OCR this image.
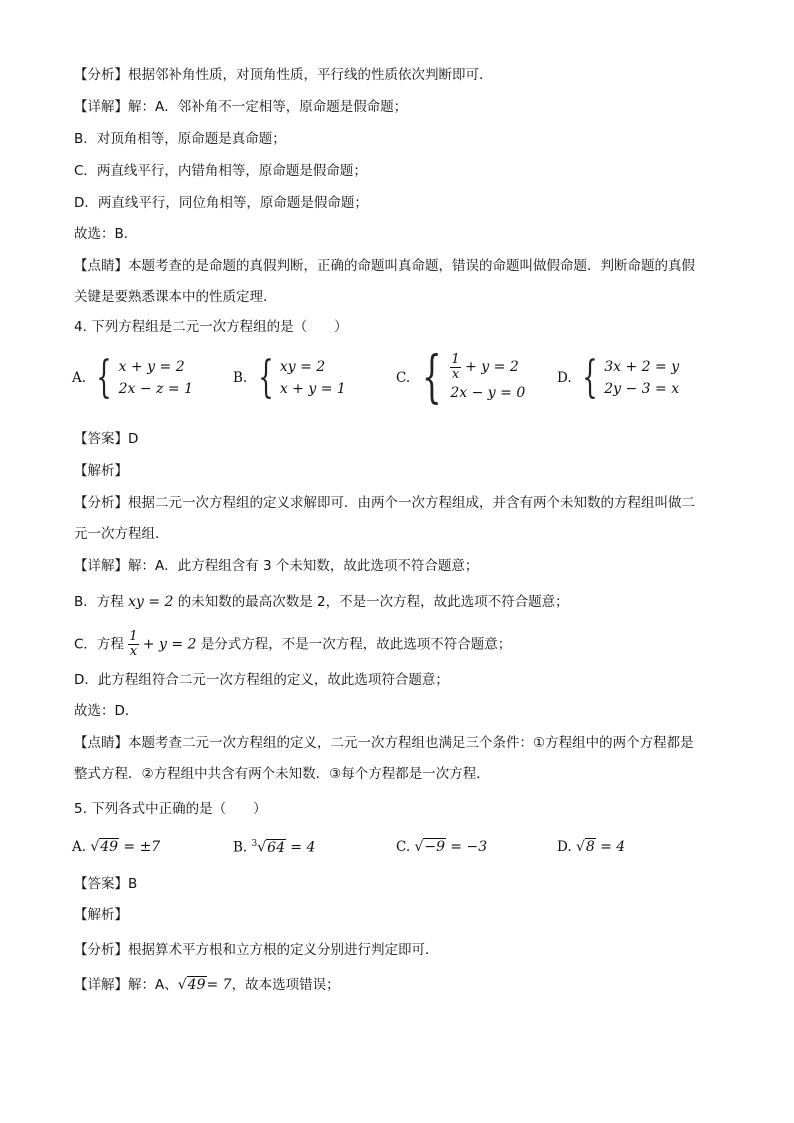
【分析】根据邻补角性质，对顶角性质，平行线的性质依次判断即可.
【详解】解：A．邻补角不一定相等，原命题是假命题；
B．对顶角相等，原命题是真命题；
C．两直线平行，内错角相等，原命题是假命题；
D．两直线平行，同位角相等，原命题是假命题；
故选：B．
【点睛】本题考查的是命题的真假判断，正确的命题叫真命题，错误的命题叫做假命题．判断命题的真假
关键是要熟悉课本中的性质定理．
4. 下列方程组是二元一次方程组的是（　　）
A. { x + y = 2
2x − z = 1
B. { xy = 2
x + y = 1
C. { $\frac{1}{x} + y = 2$
2x − y = 0
D. { 3x + 2 = y
2y − 3 = x
【答案】D
【解析】
【分析】根据二元一次方程组的定义求解即可．由两个一次方程组成，并含有两个未知数的方程组叫做二
元一次方程组．
【详解】解：A．此方程组含有 3 个未知数，故此选项不符合题意；
B．方程 xy = 2 的未知数的最高次数是 2，不是一次方程，故此选项不符合题意；
C．方程 $\frac{1}{x} + y = 2$ 是分式方程，不是一次方程，故此选项不符合题意；
D．此方程组符合二元一次方程组的定义，故此选项符合题意；
故选：D．
【点睛】本题考查二元一次方程组的定义，二元一次方程组也满足三个条件：①方程组中的两个方程都是
整式方程．②方程组中共含有两个未知数．③每个方程都是一次方程．
5. 下列各式中正确的是（　　）
A. √49 = ±7	B. $^3$√64 = 4	C. √−9 = −3	D. √8 = 4
【答案】B
【解析】
【分析】根据算术平方根和立方根的定义分别进行判定即可．
【详解】解：A、√49= 7，故本选项错误；
